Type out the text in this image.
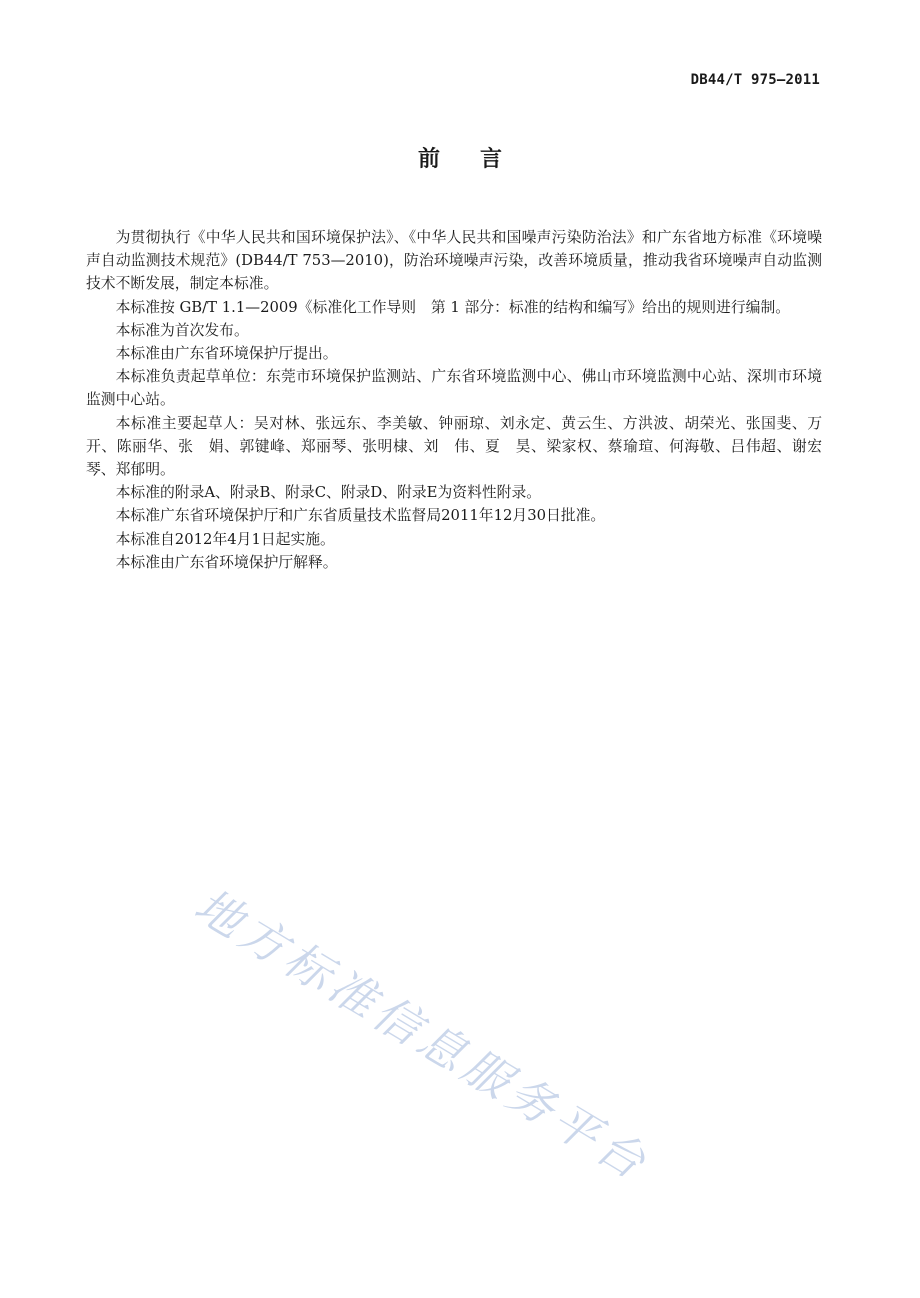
DB44/T 975—2011
前言

为贯彻执行《中华人民共和国环境保护法》、《中华人民共和国噪声污染防治法》和广东省地方标准《环境噪声自动监测技术规范》(DB44/T 753—2010)，防治环境噪声污染，改善环境质量，推动我省环境噪声自动监测技术不断发展，制定本标准。

本标准按 GB/T 1.1—2009《标准化工作导则　第 1 部分：标准的结构和编写》给出的规则进行编制。

本标准为首次发布。

本标准由广东省环境保护厅提出。

本标准负责起草单位：东莞市环境保护监测站、广东省环境监测中心、佛山市环境监测中心站、深圳市环境监测中心站。

本标准主要起草人：吴对林、张远东、李美敏、钟丽琼、刘永定、黄云生、方洪波、胡荣光、张国斐、万　开、陈丽华、张　娟、郭键峰、郑丽琴、张明棣、刘　伟、夏　昊、梁家权、蔡瑜瑄、何海敬、吕伟超、谢宏琴、郑郁明。

本标准的附录A、附录B、附录C、附录D、附录E为资料性附录。

本标准广东省环境保护厅和广东省质量技术监督局2011年12月30日批准。

本标准自2012年4月1日起实施。

本标准由广东省环境保护厅解释。

地方标准信息服务平台
